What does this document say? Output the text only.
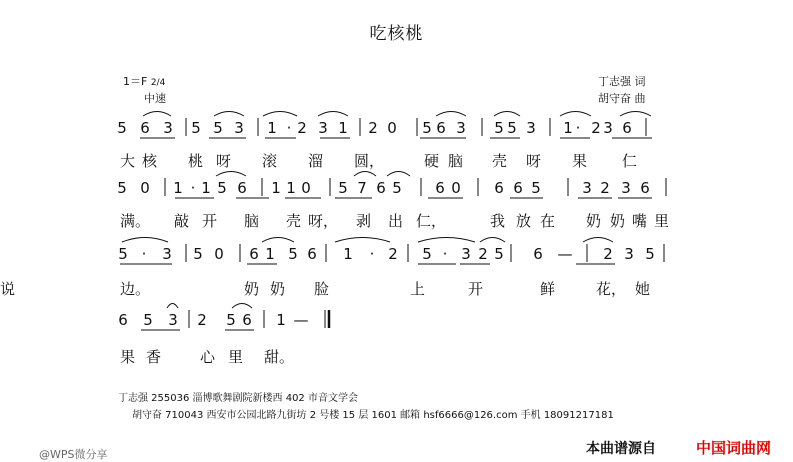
吃核桃
1＝F 2/4
中速
丁志强 词
胡守奋 曲
5 6 3 5 5 3 1 · 2 3 1 2 0 5 6 3 5 5 3 1 · 2 3 6
5 0 1 · 1 5 6 1 1 0 5 7 6 5 6 0 6 6 5	3 2 3 6
5 · 3 5 0 6 1 5 6 1 · 2 5 · 3 2 5 6 — 2 3 5
6 5 3 2 5 6 1 —
大 核 桃 呀 滚 溜 圆，	硬 脑 壳 呀 果 仁
满。 敲 开 脑 壳 呀， 剥 出 仁，	我 放 在 奶 奶 嘴 里
边。	奶 奶 脸	上	开	鲜	花， 她
说
果 香	心 里 甜。
丁志强 255036 淄博歌舞剧院新楼西 402 市音文学会
胡守奋 710043 西安市公园北路九街坊 2 号楼 15 层 1601 邮箱 hsf6666@126.com 手机 18091217181
@WPS微分享	本曲谱源自	中国词曲网
